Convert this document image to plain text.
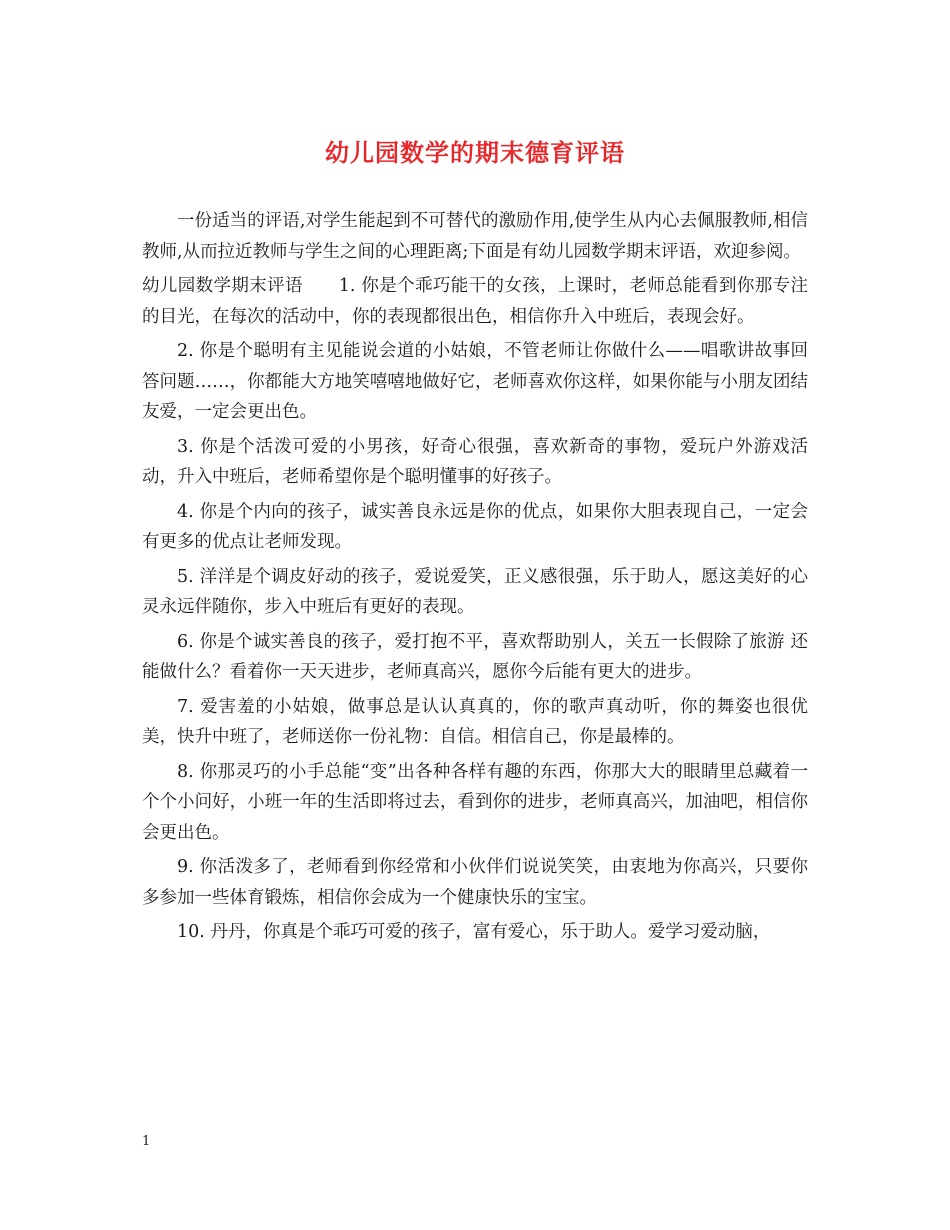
幼儿园数学的期末德育评语

一份适当的评语,对学生能起到不可替代的激励作用,使学生从内心去佩服教师,相信教师,从而拉近教师与学生之间的心理距离;下面是有幼儿园数学期末评语，欢迎参阅。

幼儿园数学期末评语　　1. 你是个乖巧能干的女孩，上课时，老师总能看到你那专注的目光，在每次的活动中，你的表现都很出色，相信你升入中班后，表现会好。

2. 你是个聪明有主见能说会道的小姑娘，不管老师让你做什么——唱歌讲故事回答问题……，你都能大方地笑嘻嘻地做好它，老师喜欢你这样，如果你能与小朋友团结友爱，一定会更出色。

3. 你是个活泼可爱的小男孩，好奇心很强，喜欢新奇的事物，爱玩户外游戏活动，升入中班后，老师希望你是个聪明懂事的好孩子。

4. 你是个内向的孩子，诚实善良永远是你的优点，如果你大胆表现自己，一定会有更多的优点让老师发现。

5. 洋洋是个调皮好动的孩子，爱说爱笑，正义感很强，乐于助人，愿这美好的心灵永远伴随你，步入中班后有更好的表现。

6. 你是个诚实善良的孩子，爱打抱不平，喜欢帮助别人，关五一长假除了旅游 还能做什么？看着你一天天进步，老师真高兴，愿你今后能有更大的进步。

7. 爱害羞的小姑娘，做事总是认认真真的，你的歌声真动听，你的舞姿也很优美，快升中班了，老师送你一份礼物：自信。相信自己，你是最棒的。

8. 你那灵巧的小手总能“变”出各种各样有趣的东西，你那大大的眼睛里总藏着一个个小问好，小班一年的生活即将过去，看到你的进步，老师真高兴，加油吧，相信你会更出色。

9. 你活泼多了，老师看到你经常和小伙伴们说说笑笑，由衷地为你高兴，只要你多参加一些体育锻炼，相信你会成为一个健康快乐的宝宝。

10. 丹丹，你真是个乖巧可爱的孩子，富有爱心，乐于助人。爱学习爱动脑，

1
